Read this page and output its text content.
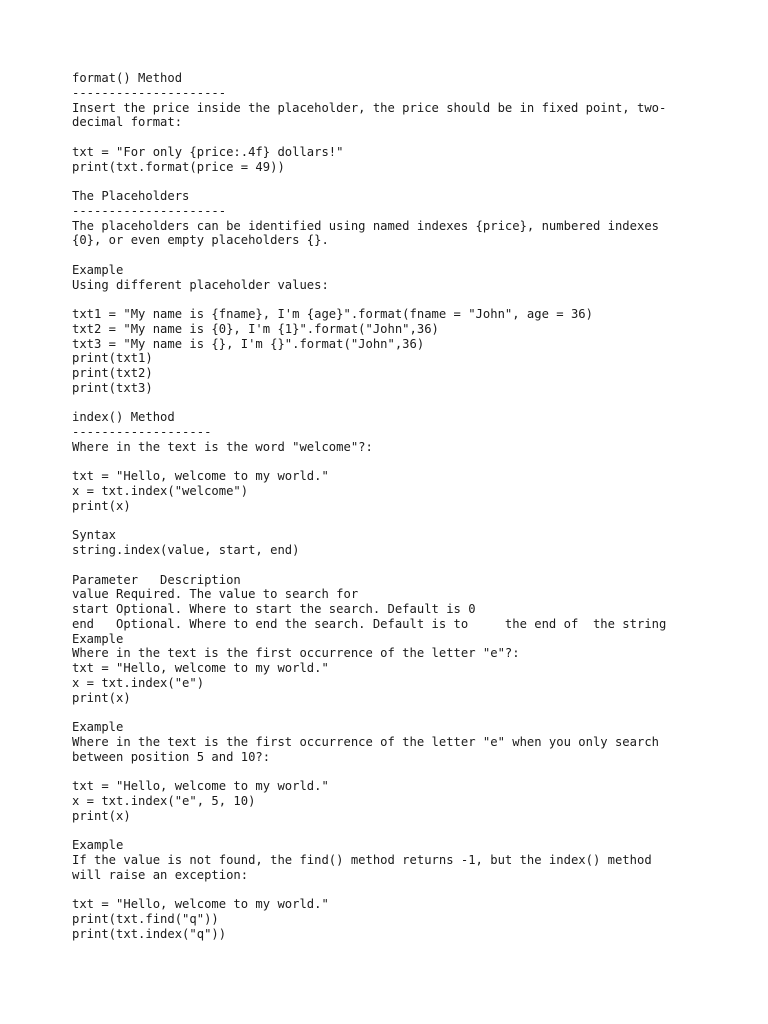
format() Method
---------------------
Insert the price inside the placeholder, the price should be in fixed point, two-
decimal format:
txt = "For only {price:.4f} dollars!"
print(txt.format(price = 49))
The Placeholders
---------------------
The placeholders can be identified using named indexes {price}, numbered indexes
{0}, or even empty placeholders {}.
Example
Using different placeholder values:
txt1 = "My name is {fname}, I'm {age}".format(fname = "John", age = 36)
txt2 = "My name is {0}, I'm {1}".format("John",36)
txt3 = "My name is {}, I'm {}".format("John",36)
print(txt1)
print(txt2)
print(txt3)
index() Method
-------------------
Where in the text is the word "welcome"?:
txt = "Hello, welcome to my world."
x = txt.index("welcome")
print(x)
Syntax
string.index(value, start, end)
Parameter   Description
value Required. The value to search for
start Optional. Where to start the search. Default is 0
end   Optional. Where to end the search. Default is to     the end of  the string
Example
Where in the text is the first occurrence of the letter "e"?:
txt = "Hello, welcome to my world."
x = txt.index("e")
print(x)
Example
Where in the text is the first occurrence of the letter "e" when you only search
between position 5 and 10?:
txt = "Hello, welcome to my world."
x = txt.index("e", 5, 10)
print(x)
Example
If the value is not found, the find() method returns -1, but the index() method
will raise an exception:
txt = "Hello, welcome to my world."
print(txt.find("q"))
print(txt.index("q"))
